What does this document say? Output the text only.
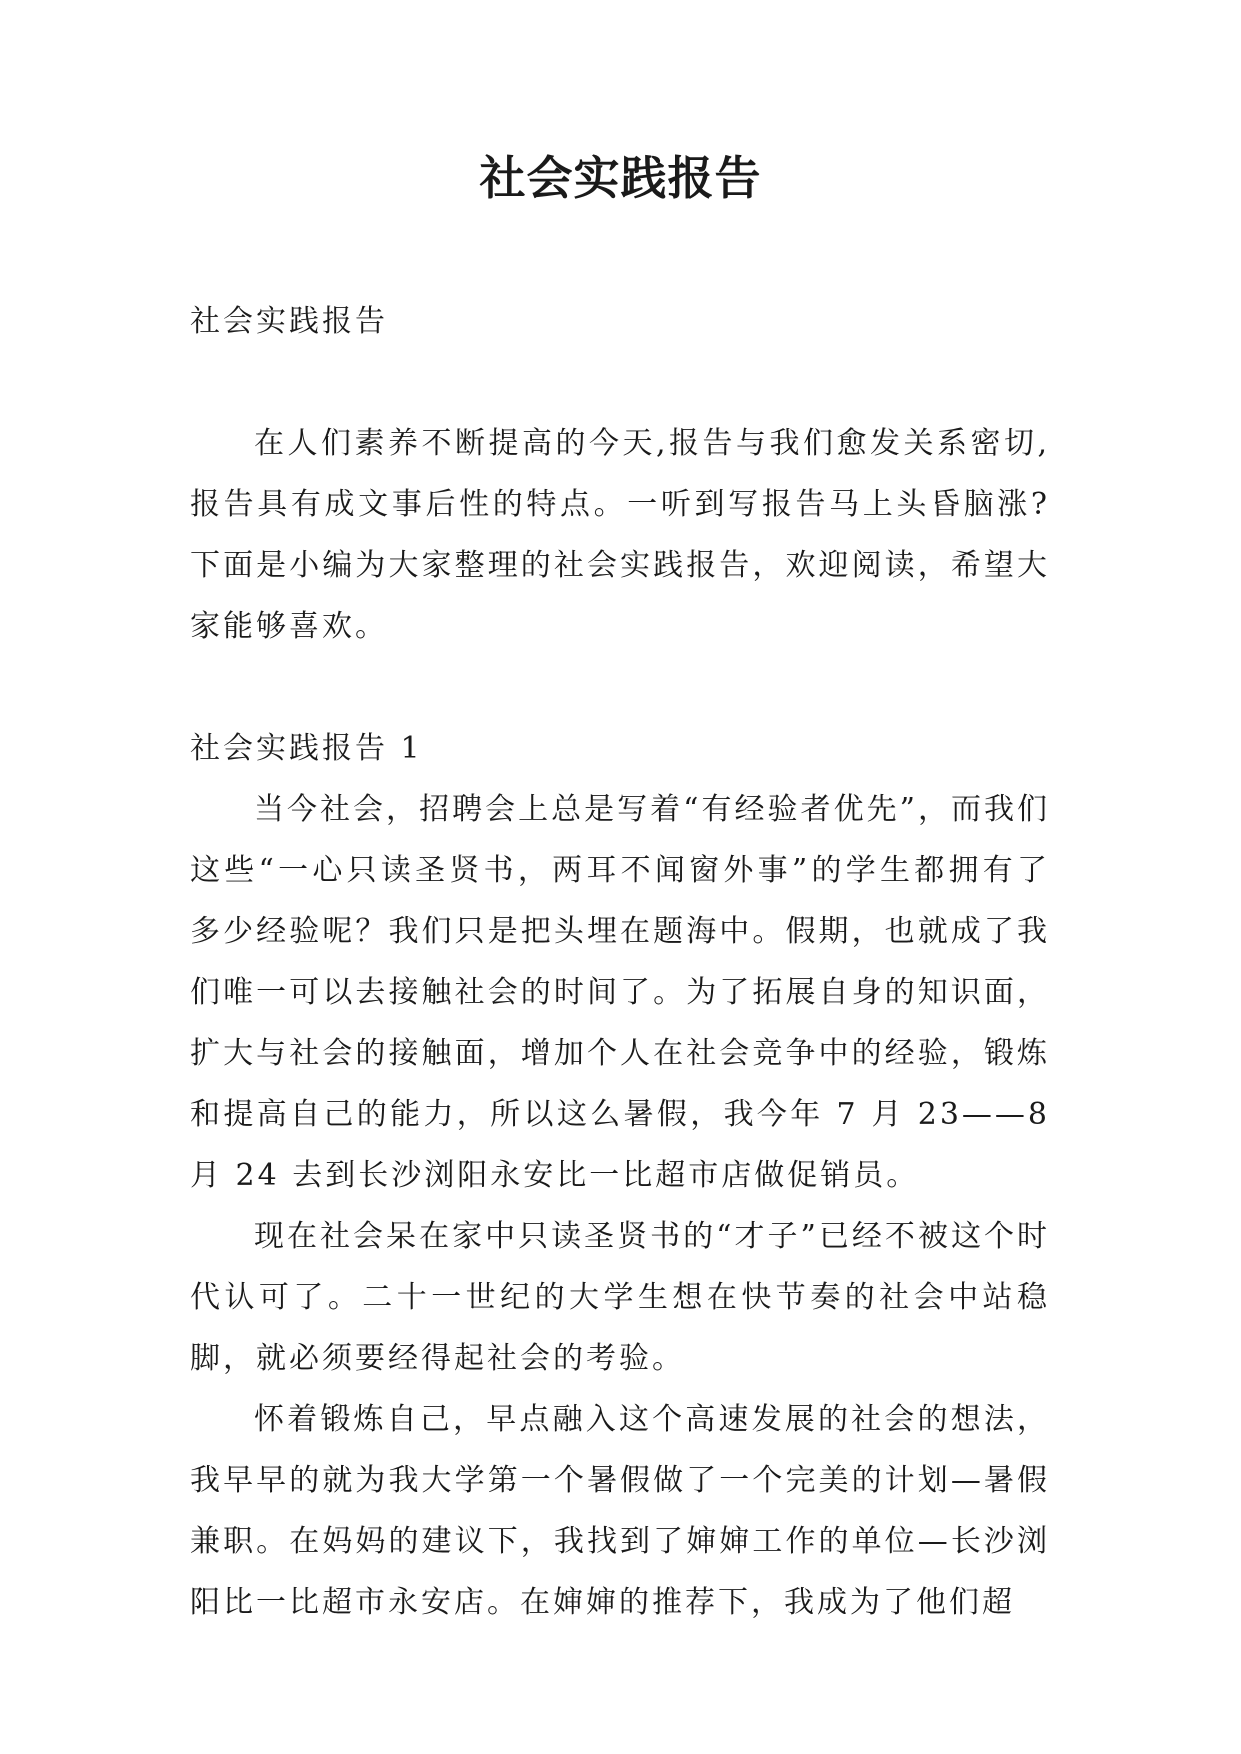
社会实践报告

社会实践报告

在人们素养不断提高的今天,报告与我们愈发关系密切,报告具有成文事后性的特点。一听到写报告马上头昏脑涨?下面是小编为大家整理的社会实践报告，欢迎阅读，希望大家能够喜欢。

社会实践报告 1

当今社会，招聘会上总是写着“有经验者优先”，而我们这些“一心只读圣贤书，两耳不闻窗外事”的学生都拥有了多少经验呢？我们只是把头埋在题海中。假期，也就成了我们唯一可以去接触社会的时间了。为了拓展自身的知识面，扩大与社会的接触面，增加个人在社会竞争中的经验，锻炼和提高自己的能力，所以这么暑假，我今年 7 月 23——8 月 24 去到长沙浏阳永安比一比超市店做促销员。

现在社会呆在家中只读圣贤书的“才子”已经不被这个时代认可了。二十一世纪的大学生想在快节奏的社会中站稳脚，就必须要经得起社会的考验。

怀着锻炼自己，早点融入这个高速发展的社会的想法，我早早的就为我大学第一个暑假做了一个完美的计划—暑假兼职。在妈妈的建议下，我找到了婶婶工作的单位—长沙浏阳比一比超市永安店。在婶婶的推荐下，我成为了他们超
